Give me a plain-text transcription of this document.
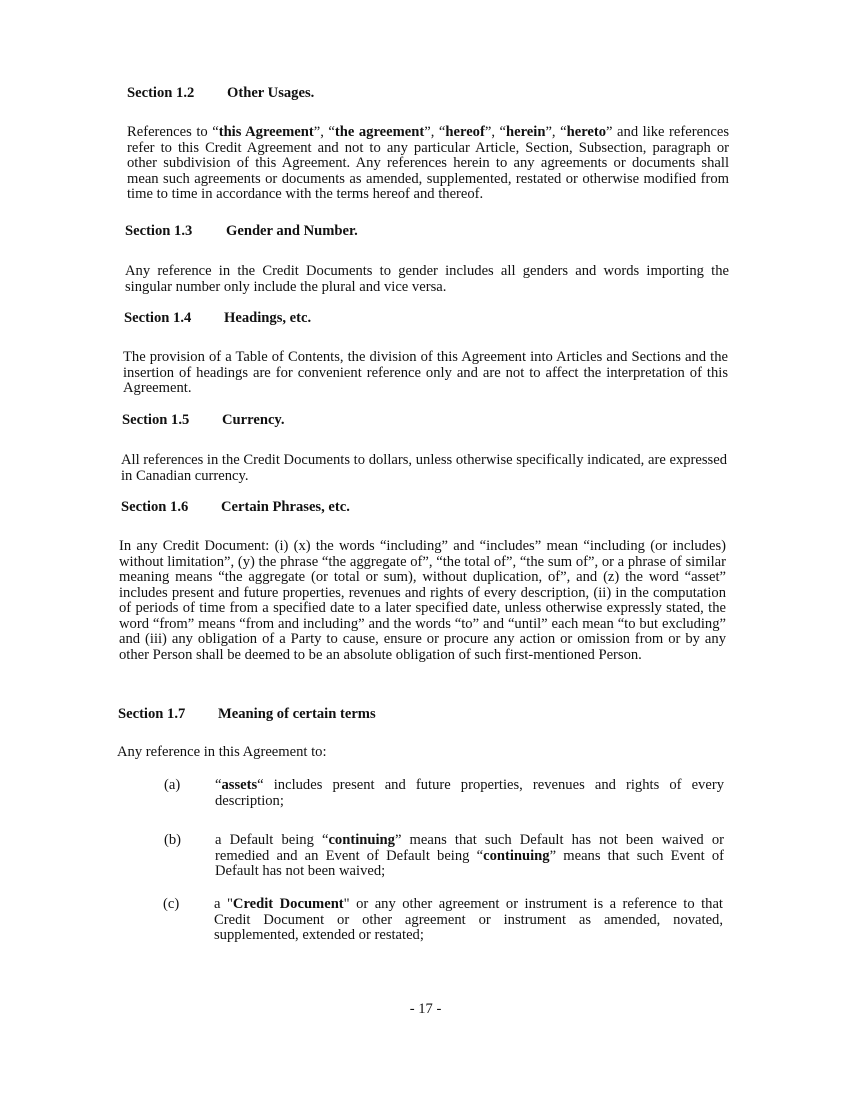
Section 1.2 Other Usages.
References to “this Agreement”, “the agreement”, “hereof”, “herein”, “hereto” and like references refer to this Credit Agreement and not to any particular Article, Section, Subsection, paragraph or other subdivision of this Agreement. Any references herein to any agreements or documents shall mean such agreements or documents as amended, supplemented, restated or otherwise modified from time to time in accordance with the terms hereof and thereof.
Section 1.3 Gender and Number.
Any reference in the Credit Documents to gender includes all genders and words importing the singular number only include the plural and vice versa.
Section 1.4 Headings, etc.
The provision of a Table of Contents, the division of this Agreement into Articles and Sections and the insertion of headings are for convenient reference only and are not to affect the interpretation of this Agreement.
Section 1.5 Currency.
All references in the Credit Documents to dollars, unless otherwise specifically indicated, are expressed in Canadian currency.
Section 1.6 Certain Phrases, etc.
In any Credit Document: (i) (x) the words “including” and “includes” mean “including (or includes) without limitation”, (y) the phrase “the aggregate of”, “the total of”, “the sum of”, or a phrase of similar meaning means “the aggregate (or total or sum), without duplication, of”, and (z) the word “asset” includes present and future properties, revenues and rights of every description, (ii) in the computation of periods of time from a specified date to a later specified date, unless otherwise expressly stated, the word “from” means “from and including” and the words “to” and “until” each mean “to but excluding” and (iii) any obligation of a Party to cause, ensure or procure any action or omission from or by any other Person shall be deemed to be an absolute obligation of such first-mentioned Person.
Section 1.7 Meaning of certain terms
Any reference in this Agreement to:
(a) “assets“ includes present and future properties, revenues and rights of every description;
(b) a Default being “continuing” means that such Default has not been waived or remedied and an Event of Default being “continuing” means that such Event of Default has not been waived;
(c) a "Credit Document" or any other agreement or instrument is a reference to that Credit Document or other agreement or instrument as amended, novated, supplemented, extended or restated;
- 17 -
